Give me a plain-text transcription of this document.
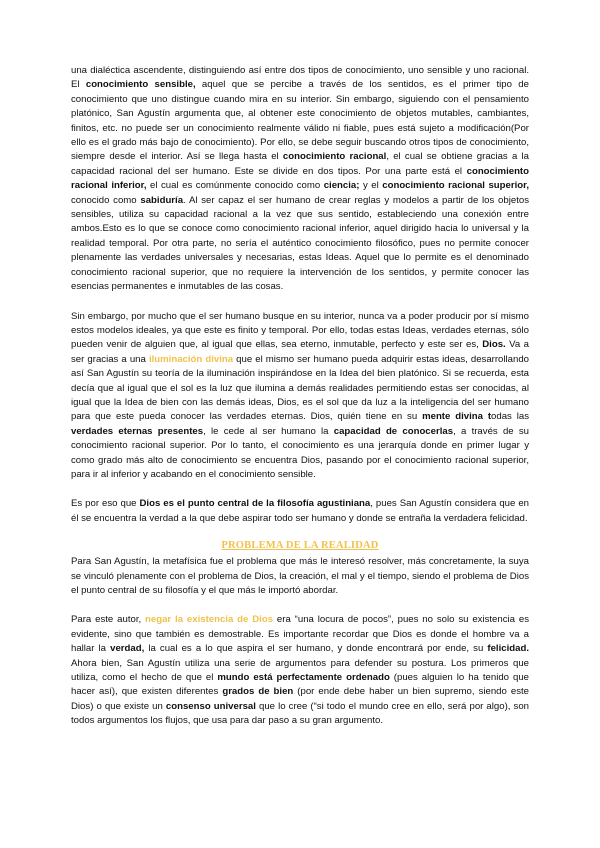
una dialéctica ascendente, distinguiendo así entre dos tipos de conocimiento, uno sensible y uno racional. El conocimiento sensible, aquel que se percibe a través de los sentidos, es el primer tipo de conocimiento que uno distingue cuando mira en su interior. Sin embargo, siguiendo con el pensamiento platónico, San Agustín argumenta que, al obtener este conocimiento de objetos mutables, cambiantes, finitos, etc. no puede ser un conocimiento realmente válido ni fiable, pues está sujeto a modificación(Por ello es el grado más bajo de conocimiento). Por ello, se debe seguir buscando otros tipos de conocimiento, siempre desde el interior. Así se llega hasta el conocimiento racional, el cual se obtiene gracias a la capacidad racional del ser humano. Este se divide en dos tipos. Por una parte está el conocimiento racional inferior, el cual es comúnmente conocido como ciencia; y el conocimiento racional superior, conocido como sabiduría. Al ser capaz el ser humano de crear reglas y modelos a partir de los objetos sensibles, utiliza su capacidad racional a la vez que sus sentido, estableciendo una conexión entre ambos.Esto es lo que se conoce como conocimiento racional inferior, aquel dirigido hacia lo universal y la realidad temporal. Por otra parte, no sería el auténtico conocimiento filosófico, pues no permite conocer plenamente las verdades universales y necesarias, estas Ideas. Aquel que lo permite es el denominado conocimiento racional superior, que no requiere la intervención de los sentidos, y permite conocer las esencias permanentes e inmutables de las cosas.

Sin embargo, por mucho que el ser humano busque en su interior, nunca va a poder producir por sí mismo estos modelos ideales, ya que este es finito y temporal. Por ello, todas estas Ideas, verdades eternas, sólo pueden venir de alguien que, al igual que ellas, sea eterno, inmutable, perfecto y este ser es, Dios. Va a ser gracias a una iluminación divina que el mismo ser humano pueda adquirir estas ideas, desarrollando así San Agustín su teoría de la iluminación inspirándose en la Idea del bien platónico. Si se recuerda, esta decía que al igual que el sol es la luz que ilumina a demás realidades permitiendo estas ser conocidas, al igual que la Idea de bien con las demás ideas, Dios, es el sol que da luz a la inteligencia del ser humano para que este pueda conocer las verdades eternas. Dios, quién tiene en su mente divina todas las verdades eternas presentes, le cede al ser humano la capacidad de conocerlas, a través de su conocimiento racional superior. Por lo tanto, el conocimiento es una jerarquía donde en primer lugar y como grado más alto de conocimiento se encuentra Dios, pasando por el conocimiento racional superior, para ir al inferior y acabando en el conocimiento sensible.

Es por eso que Dios es el punto central de la filosofía agustiniana, pues San Agustín considera que en él se encuentra la verdad a la que debe aspirar todo ser humano y donde se entraña la verdadera felicidad.

PROBLEMA DE LA REALIDAD

Para San Agustín, la metafísica fue el problema que más le interesó resolver, más concretamente, la suya se vinculó plenamente con el problema de Dios, la creación, el mal y el tiempo, siendo el problema de Dios el punto central de su filosofía y el que más le importó abordar.

Para este autor, negar la existencia de Dios era “una locura de pocos”, pues no solo su existencia es evidente, sino que también es demostrable. Es importante recordar que Dios es donde el hombre va a hallar la verdad, la cual es a lo que aspira el ser humano, y donde encontrará por ende, su felicidad. Ahora bien, San Agustín utiliza una serie de argumentos para defender su postura. Los primeros que utiliza, como el hecho de que el mundo está perfectamente ordenado (pues alguien lo ha tenido que hacer así), que existen diferentes grados de bien (por ende debe haber un bien supremo, siendo este Dios) o que existe un consenso universal que lo cree (“si todo el mundo cree en ello, será por algo), son todos argumentos los flujos, que usa para dar paso a su gran argumento.
